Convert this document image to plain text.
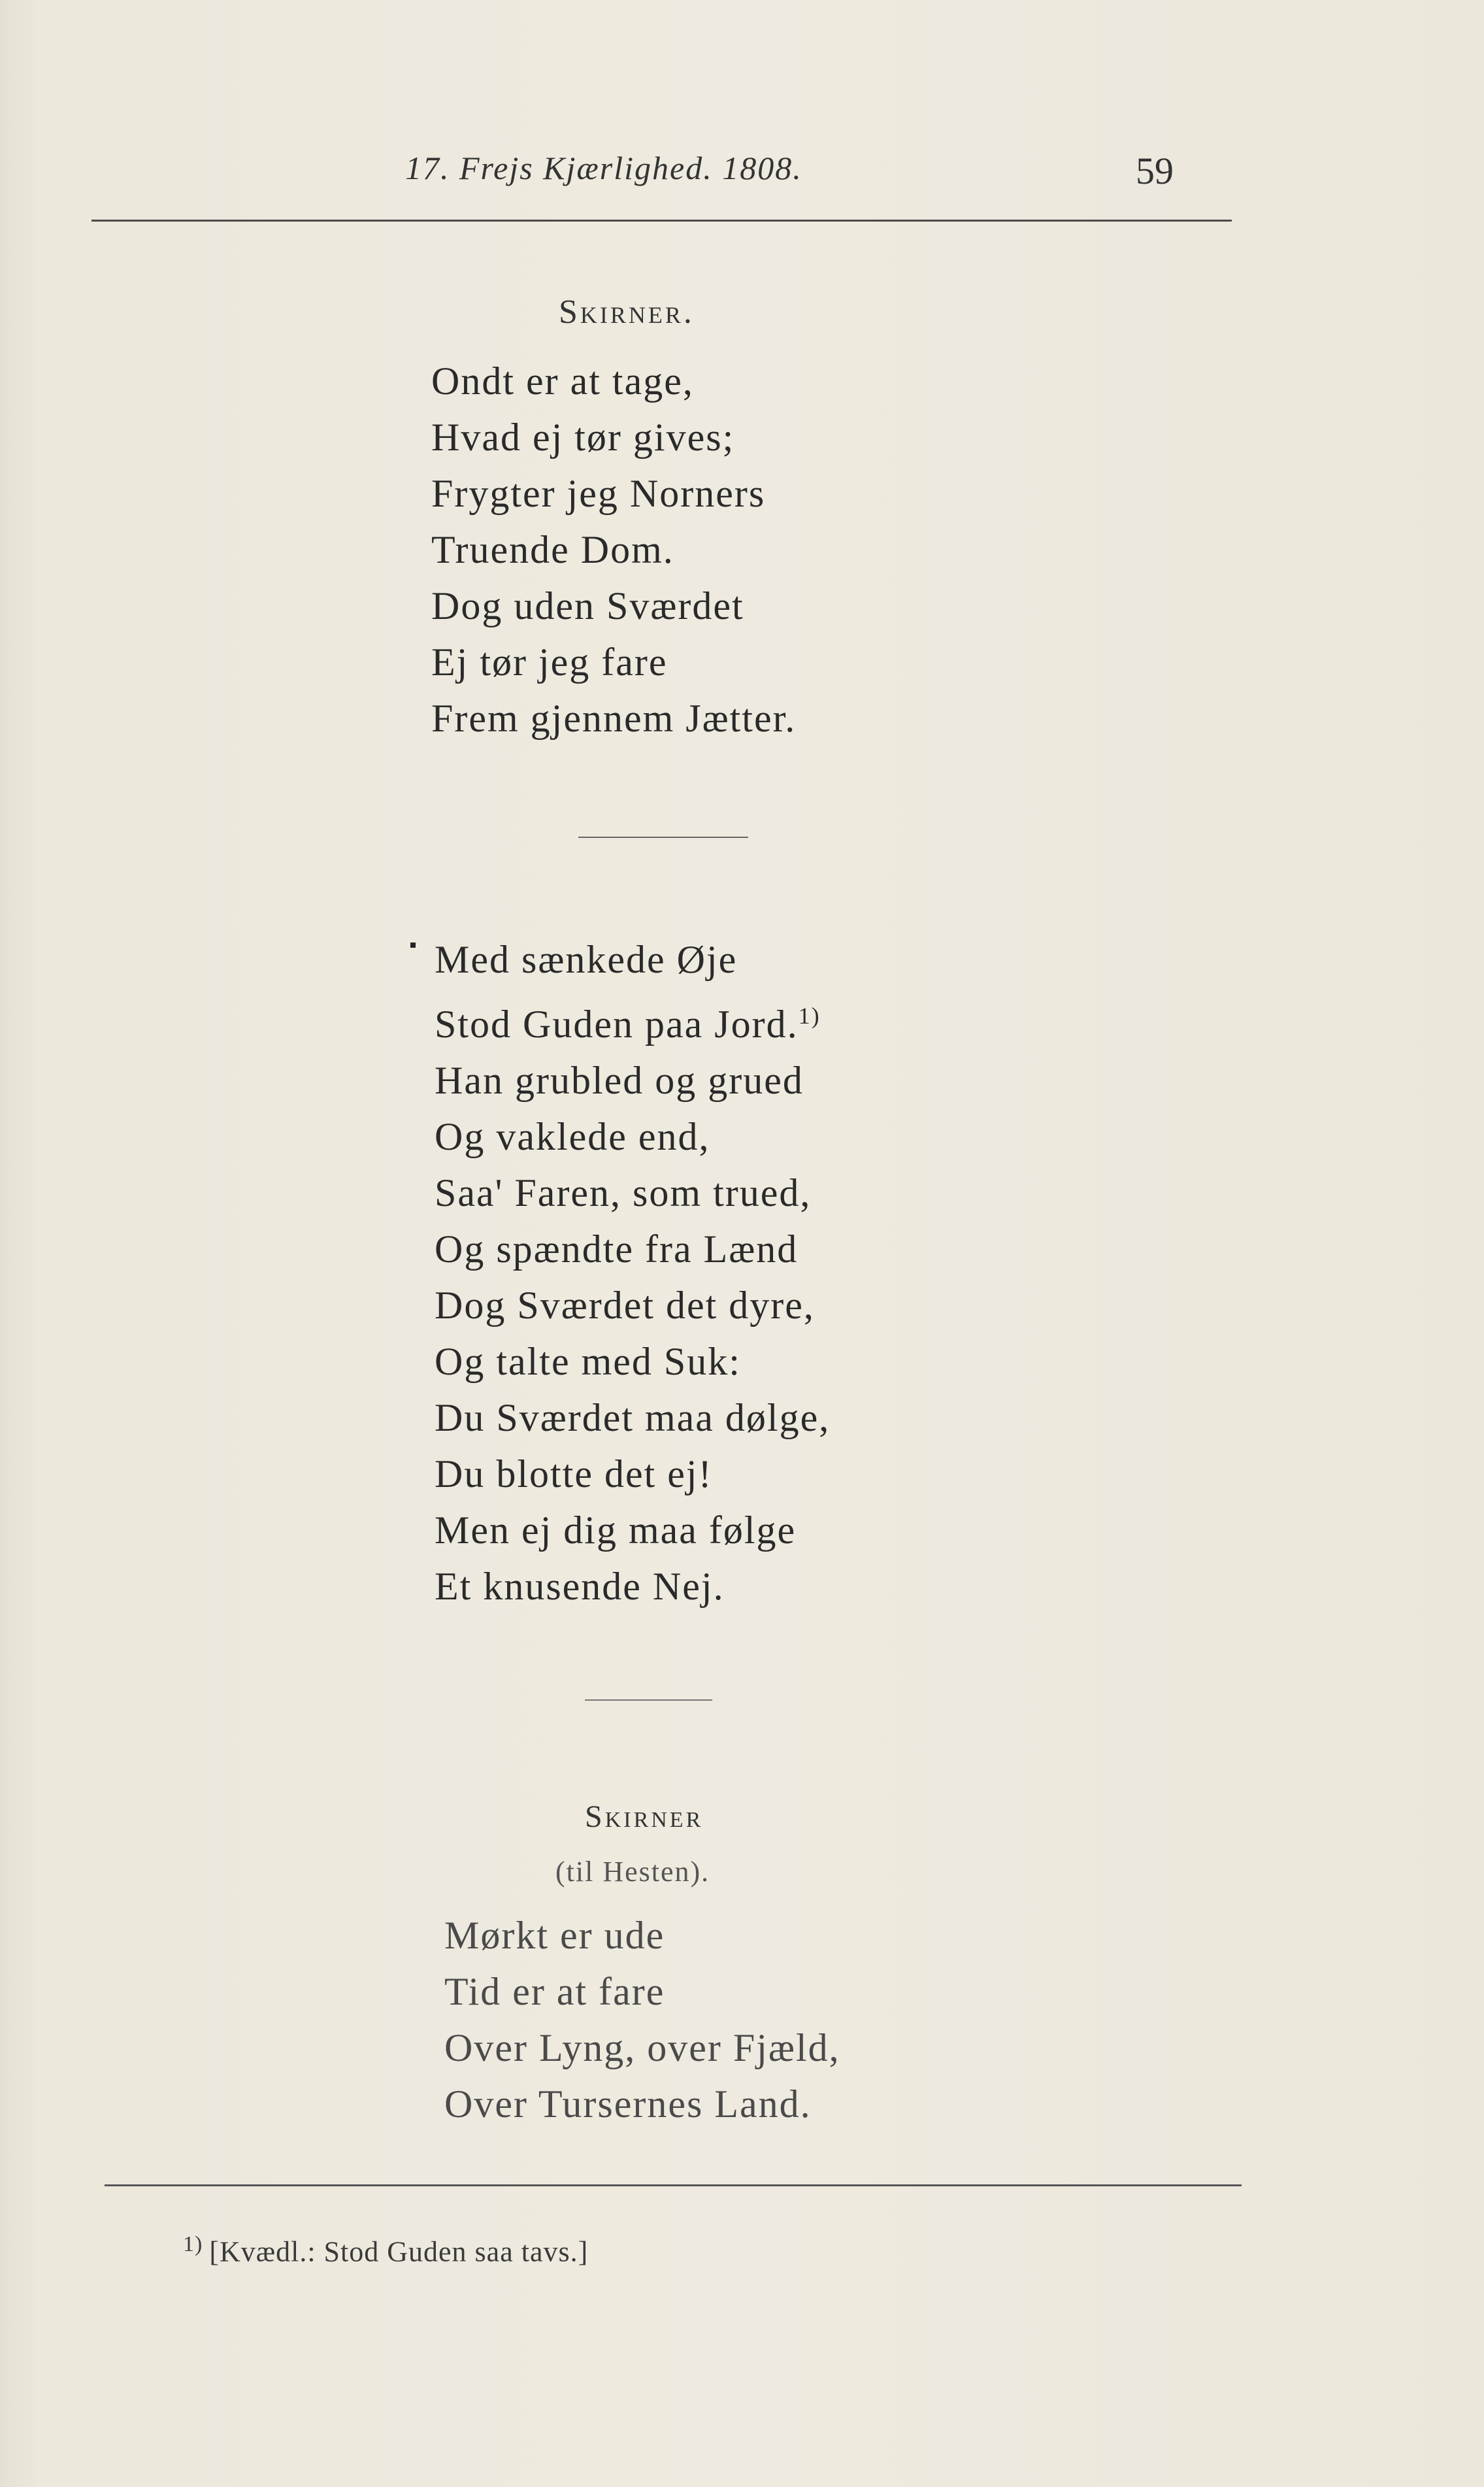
17. Frejs Kjærlighed. 1808.	59
Skirner.
Ondt er at tage,
Hvad ej tør gives;
Frygter jeg Norners
Truende Dom.
Dog uden Sværdet
Ej tør jeg fare
Frem gjennem Jætter.
Med sænkede Øje
Stod Guden paa Jord.$^{1)}$
Han grubled og grued
Og vaklede end,
Saa' Faren, som trued,
Og spændte fra Lænd
Dog Sværdet det dyre,
Og talte med Suk:
Du Sværdet maa dølge,
Du blotte det ej!
Men ej dig maa følge
Et knusende Nej.
Skirner
(til Hesten).
Mørkt er ude
Tid er at fare
Over Lyng, over Fjæld,
Over Tursernes Land.
$^{1)}$ [Kvædl.: Stod Guden saa tavs.]
